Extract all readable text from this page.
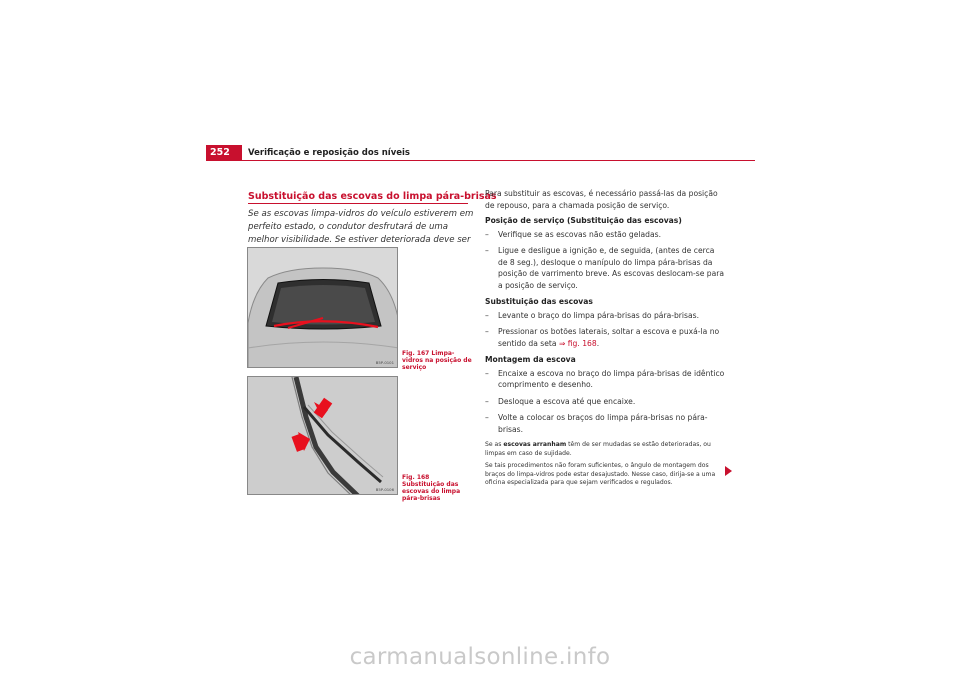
252	Verificação e reposição dos níveis
Substituição das escovas do limpa pára-brisas
Se as escovas limpa-vidros do veículo estiverem em perfeito estado, o condutor desfrutará de uma melhor visibilidade. Se estiver deteriorada deve ser
B5P-0101
Fig. 167 Limpa-vidros na posição de serviço
B5P-0106
Fig. 168 Substituição das escovas do limpa pára-brisas

Para substituir as escovas, é necessário passá-las da posição de repouso, para a chamada posição de serviço.

Posição de serviço (Substituição das escovas)
– Verifique se as escovas não estão geladas.
– Ligue e desligue a ignição e, de seguida, (antes de cerca de 8 seg.), desloque o manípulo do limpa pára-brisas da posição de varrimento breve. As escovas deslocam-se para a posição de serviço.
Substituição das escovas
– Levante o braço do limpa pára-brisas do pára-brisas.
– Pressionar os botões laterais, soltar a escova e puxá-la no sentido da seta ⇒ fig. 168.
Montagem da escova
– Encaixe a escova no braço do limpa pára-brisas de idêntico comprimento e desenho.
– Desloque a escova até que encaixe.
– Volte a colocar os braços do limpa pára-brisas no pára-brisas.

Se as escovas arranham têm de ser mudadas se estão deterioradas, ou limpas em caso de sujidade.

Se tais procedimentos não foram suficientes, o ângulo de montagem dos braços do limpa-vidros pode estar desajustado. Nesse caso, dirija-se a uma oficina especializada para que sejam verificados e regulados.

carmanualsonline.info
